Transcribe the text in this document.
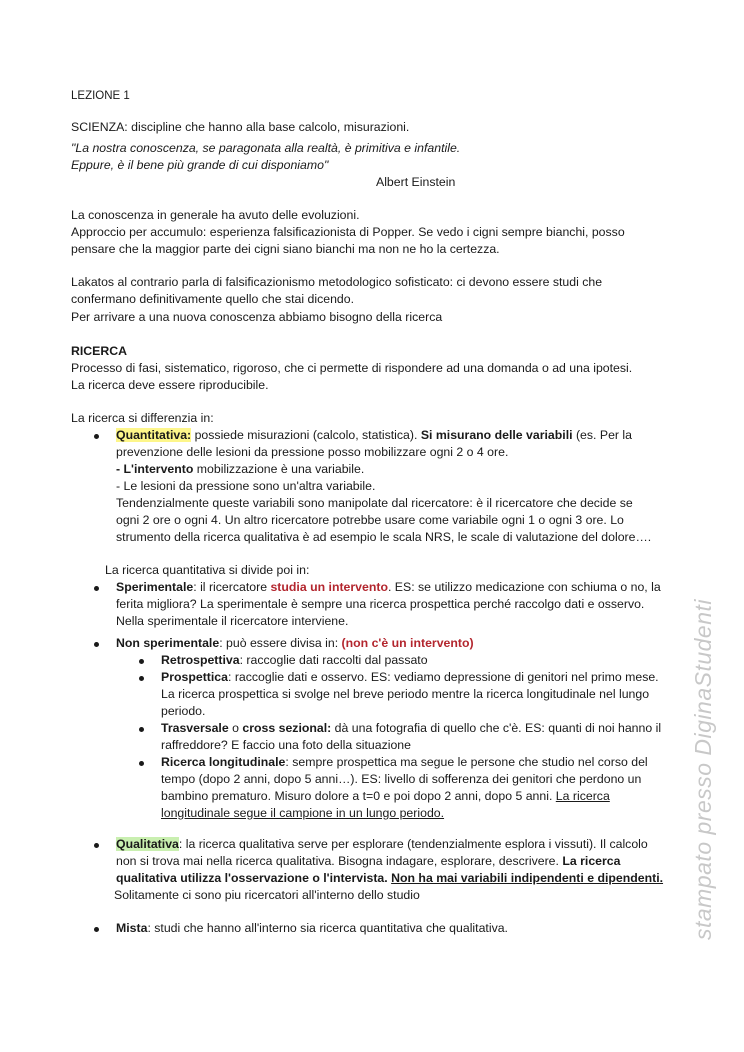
LEZIONE 1
SCIENZA: discipline che hanno alla base calcolo, misurazioni.
"La nostra conoscenza, se paragonata alla realtà, è primitiva e infantile.
Eppure, è il bene più grande di cui disponiamo"
Albert Einstein
La conoscenza in generale ha avuto delle evoluzioni.
Approccio per accumulo: esperienza falsificazionista di Popper. Se vedo i cigni sempre bianchi, posso
pensare che la maggior parte dei cigni siano bianchi ma non ne ho la certezza.
Lakatos al contrario parla di falsificazionismo metodologico sofisticato: ci devono essere studi che
confermano definitivamente quello che stai dicendo.
Per arrivare a una nuova conoscenza abbiamo bisogno della ricerca
RICERCA
Processo di fasi, sistematico, rigoroso, che ci permette di rispondere ad una domanda o ad una ipotesi.
La ricerca deve essere riproducibile.
La ricerca si differenzia in:
Quantitativa: possiede misurazioni (calcolo, statistica). Si misurano delle variabili (es. Per la
prevenzione delle lesioni da pressione posso mobilizzare ogni 2 o 4 ore.
- L'intervento mobilizzazione è una variabile.
- Le lesioni da pressione sono un'altra variabile.
Tendenzialmente queste variabili sono manipolate dal ricercatore: è il ricercatore che decide se
ogni 2 ore o ogni 4. Un altro ricercatore potrebbe usare come variabile ogni 1 o ogni 3 ore. Lo
strumento della ricerca qualitativa è ad esempio le scala NRS, le scale di valutazione del dolore….
La ricerca quantitativa si divide poi in:
Sperimentale: il ricercatore studia un intervento. ES: se utilizzo medicazione con schiuma o no, la
ferita migliora? La sperimentale è sempre una ricerca prospettica perché raccolgo dati e osservo.
Nella sperimentale il ricercatore interviene.
Non sperimentale: può essere divisa in: (non c'è un intervento)
Retrospettiva: raccoglie dati raccolti dal passato
Prospettica: raccoglie dati e osservo. ES: vediamo depressione di genitori nel primo mese.
La ricerca prospettica si svolge nel breve periodo mentre la ricerca longitudinale nel lungo
periodo.
Trasversale o cross sezional: dà una fotografia di quello che c'è. ES: quanti di noi hanno il
raffreddore? E faccio una foto della situazione
Ricerca longitudinale: sempre prospettica ma segue le persone che studio nel corso del
tempo (dopo 2 anni, dopo 5 anni…). ES: livello di sofferenza dei genitori che perdono un
bambino prematuro. Misuro dolore a t=0 e poi dopo 2 anni, dopo 5 anni. La ricerca
longitudinale segue il campione in un lungo periodo.
Qualitativa: la ricerca qualitativa serve per esplorare (tendenzialmente esplora i vissuti). Il calcolo
non si trova mai nella ricerca qualitativa. Bisogna indagare, esplorare, descrivere. La ricerca
qualitativa utilizza l'osservazione o l'intervista. Non ha mai variabili indipendenti e dipendenti.
Solitamente ci sono piu ricercatori all'interno dello studio
Mista: studi che hanno all'interno sia ricerca quantitativa che qualitativa.	stampato presso DiginaStudenti
